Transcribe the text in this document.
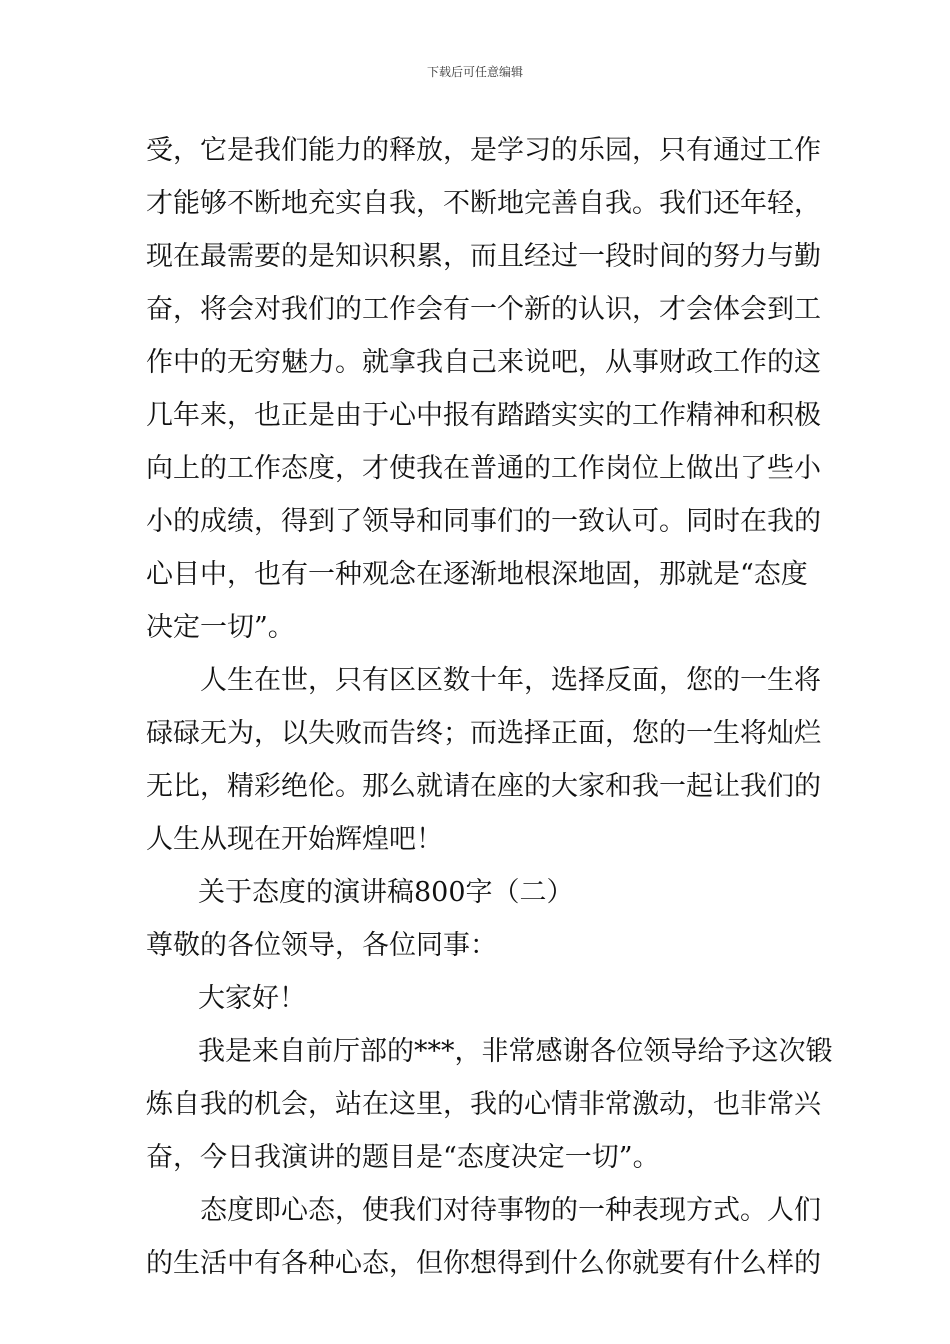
下载后可任意编辑
受，它是我们能力的释放，是学习的乐园，只有通过工作
才能够不断地充实自我，不断地完善自我。我们还年轻，
现在最需要的是知识积累，而且经过一段时间的努力与勤
奋，将会对我们的工作会有一个新的认识，才会体会到工
作中的无穷魅力。就拿我自己来说吧，从事财政工作的这
几年来，也正是由于心中报有踏踏实实的工作精神和积极
向上的工作态度，才使我在普通的工作岗位上做出了些小
小的成绩，得到了领导和同事们的一致认可。同时在我的
心目中，也有一种观念在逐渐地根深地固，那就是“态度
决定一切”。
人生在世，只有区区数十年，选择反面，您的一生将
碌碌无为，以失败而告终；而选择正面，您的一生将灿烂
无比，精彩绝伦。那么就请在座的大家和我一起让我们的
人生从现在开始辉煌吧！
关于态度的演讲稿800字（二）
尊敬的各位领导，各位同事：
大家好！
我是来自前厅部的***，非常感谢各位领导给予这次锻
炼自我的机会，站在这里，我的心情非常激动，也非常兴
奋，今日我演讲的题目是“态度决定一切”。
态度即心态，使我们对待事物的一种表现方式。人们
的生活中有各种心态，但你想得到什么你就要有什么样的
